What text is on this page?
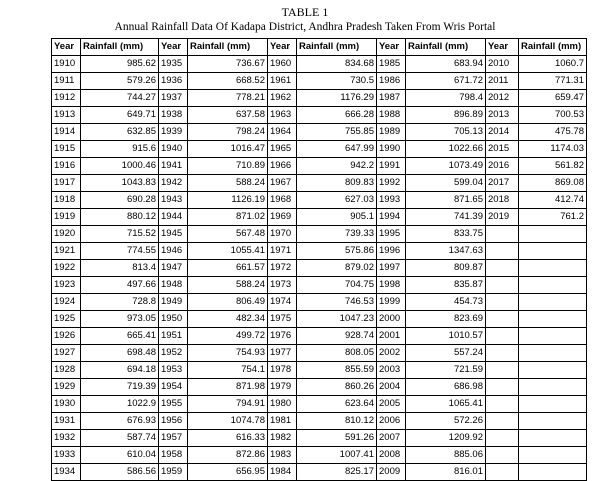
TABLE 1
Annual Rainfall Data Of Kadapa District, Andhra Pradesh Taken From Wris Portal
Year	Rainfall (mm)	Year	Rainfall (mm)	Year	Rainfall (mm)	Year	Rainfall (mm)	Year	Rainfall (mm)
1910	985.62	1935	736.67	1960	834.68	1985	683.94	2010	1060.7
1911	579.26	1936	668.52	1961	730.5	1986	671.72	2011	771.31
1912	744.27	1937	778.21	1962	1176.29	1987	798.4	2012	659.47
1913	649.71	1938	637.58	1963	666.28	1988	896.89	2013	700.53
1914	632.85	1939	798.24	1964	755.85	1989	705.13	2014	475.78
1915	915.6	1940	1016.47	1965	647.99	1990	1022.66	2015	1174.03
1916	1000.46	1941	710.89	1966	942.2	1991	1073.49	2016	561.82
1917	1043.83	1942	588.24	1967	809.83	1992	599.04	2017	869.08
1918	690.28	1943	1126.19	1968	627.03	1993	871.65	2018	412.74
1919	880.12	1944	871.02	1969	905.1	1994	741.39	2019	761.2
1920	715.52	1945	567.48	1970	739.33	1995	833.75		
1921	774.55	1946	1055.41	1971	575.86	1996	1347.63		
1922	813.4	1947	661.57	1972	879.02	1997	809.87		
1923	497.66	1948	588.24	1973	704.75	1998	835.87		
1924	728.8	1949	806.49	1974	746.53	1999	454.73		
1925	973.05	1950	482.34	1975	1047.23	2000	823.69		
1926	665.41	1951	499.72	1976	928.74	2001	1010.57		
1927	698.48	1952	754.93	1977	808.05	2002	557.24		
1928	694.18	1953	754.1	1978	855.59	2003	721.59		
1929	719.39	1954	871.98	1979	860.26	2004	686.98		
1930	1022.9	1955	794.91	1980	623.64	2005	1065.41		
1931	676.93	1956	1074.78	1981	810.12	2006	572.26		
1932	587.74	1957	616.33	1982	591.26	2007	1209.92		
1933	610.04	1958	872.86	1983	1007.41	2008	885.06		
1934	586.56	1959	656.95	1984	825.17	2009	816.01		
